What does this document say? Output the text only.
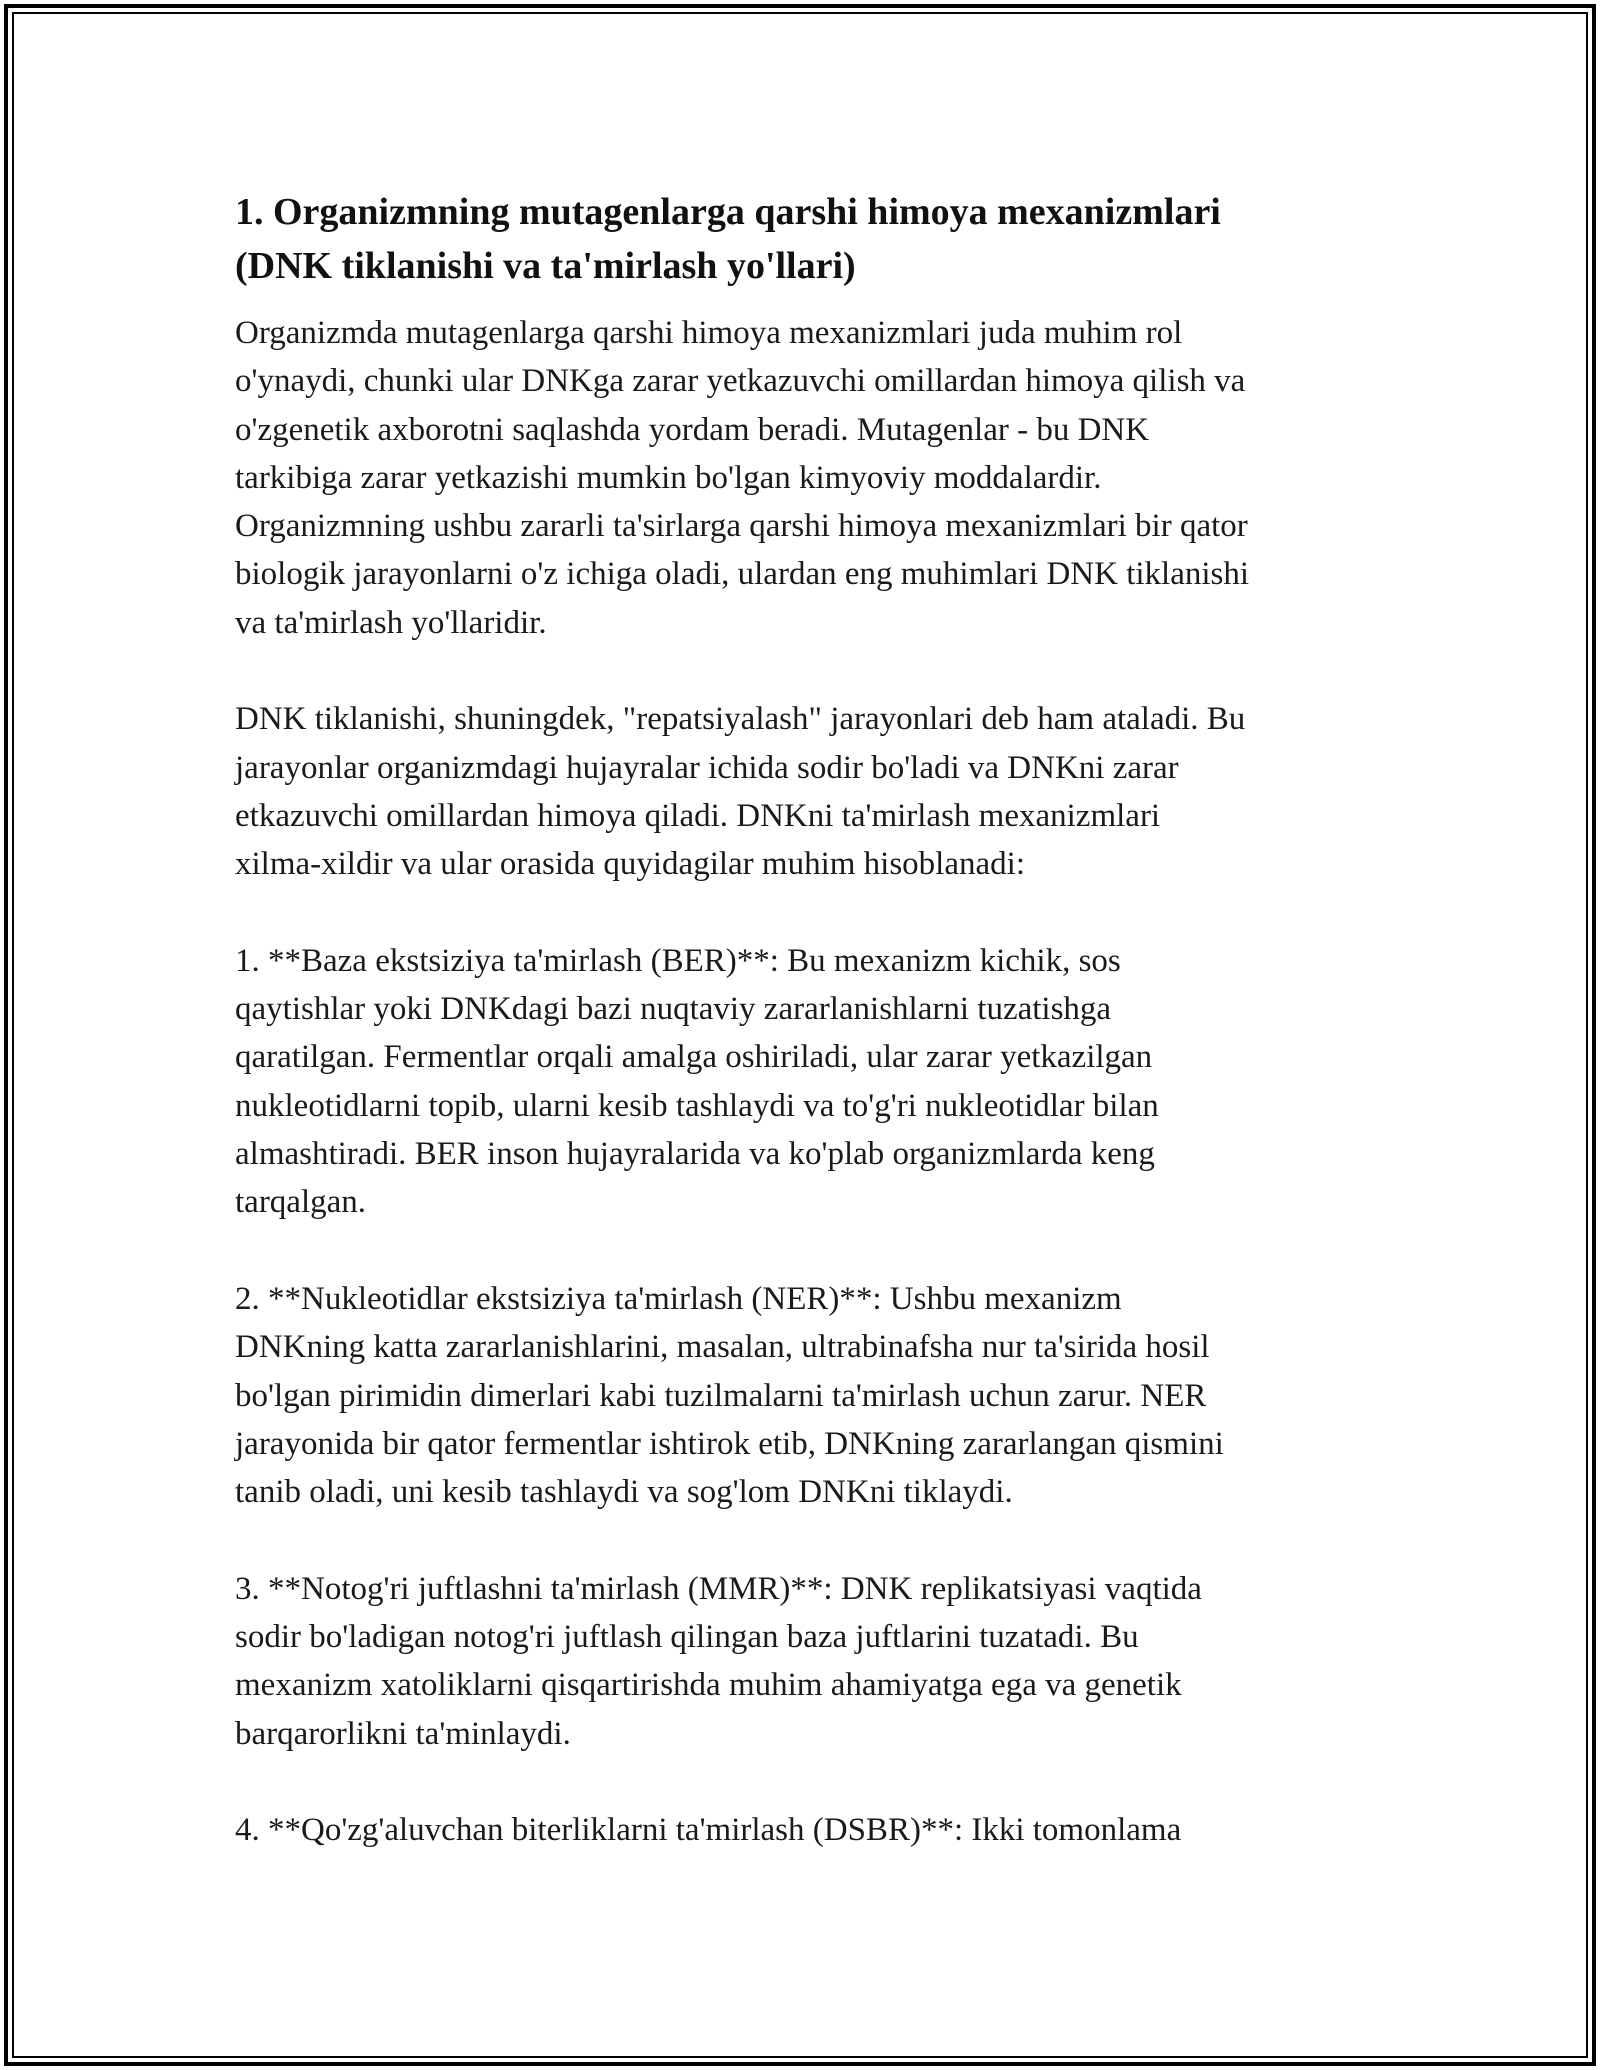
1. Organizmning mutagenlarga qarshi himoya mexanizmlari
(DNK tiklanishi va ta'mirlash yo'llari)
Organizmda mutagenlarga qarshi himoya mexanizmlari juda muhim rol
o'ynaydi, chunki ular DNKga zarar yetkazuvchi omillardan himoya qilish va
o'zgenetik axborotni saqlashda yordam beradi. Mutagenlar - bu DNK
tarkibiga zarar yetkazishi mumkin bo'lgan kimyoviy moddalardir.
Organizmning ushbu zararli ta'sirlarga qarshi himoya mexanizmlari bir qator
biologik jarayonlarni o'z ichiga oladi, ulardan eng muhimlari DNK tiklanishi
va ta'mirlash yo'llaridir.
DNK tiklanishi, shuningdek, "repatsiyalash" jarayonlari deb ham ataladi. Bu
jarayonlar organizmdagi hujayralar ichida sodir bo'ladi va DNKni zarar
etkazuvchi omillardan himoya qiladi. DNKni ta'mirlash mexanizmlari
xilma-xildir va ular orasida quyidagilar muhim hisoblanadi:
1. **Baza ekstsiziya ta'mirlash (BER)**: Bu mexanizm kichik, sos
qaytishlar yoki DNKdagi bazi nuqtaviy zararlanishlarni tuzatishga
qaratilgan. Fermentlar orqali amalga oshiriladi, ular zarar yetkazilgan
nukleotidlarni topib, ularni kesib tashlaydi va to'g'ri nukleotidlar bilan
almashtiradi. BER inson hujayralarida va ko'plab organizmlarda keng
tarqalgan.
2. **Nukleotidlar ekstsiziya ta'mirlash (NER)**: Ushbu mexanizm
DNKning katta zararlanishlarini, masalan, ultrabinafsha nur ta'sirida hosil
bo'lgan pirimidin dimerlari kabi tuzilmalarni ta'mirlash uchun zarur. NER
jarayonida bir qator fermentlar ishtirok etib, DNKning zararlangan qismini
tanib oladi, uni kesib tashlaydi va sog'lom DNKni tiklaydi.
3. **Notog'ri juftlashni ta'mirlash (MMR)**: DNK replikatsiyasi vaqtida
sodir bo'ladigan notog'ri juftlash qilingan baza juftlarini tuzatadi. Bu
mexanizm xatoliklarni qisqartirishda muhim ahamiyatga ega va genetik
barqarorlikni ta'minlaydi.
4. **Qo'zg'aluvchan biterliklarni ta'mirlash (DSBR)**: Ikki tomonlama
